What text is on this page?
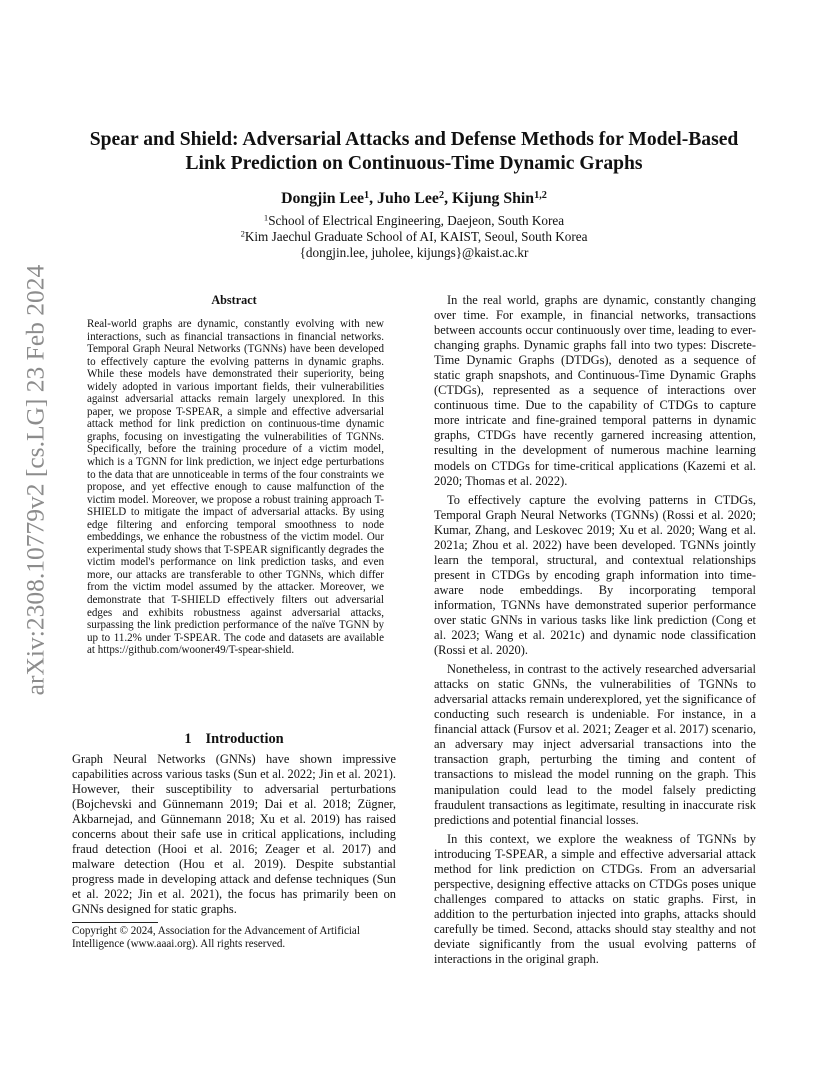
arXiv:2308.10779v2 [cs.LG] 23 Feb 2024
Spear and Shield: Adversarial Attacks and Defense Methods for Model-Based
Link Prediction on Continuous-Time Dynamic Graphs
Dongjin Lee$^1$, Juho Lee$^2$, Kijung Shin$^{1,2}$
$^1$School of Electrical Engineering, Daejeon, South Korea
$^2$Kim Jaechul Graduate School of AI, KAIST, Seoul, South Korea
{dongjin.lee, juholee, kijungs}@kaist.ac.kr
Abstract

Real-world graphs are dynamic, constantly evolving with new interactions, such as financial transactions in financial networks. Temporal Graph Neural Networks (TGNNs) have been developed to effectively capture the evolving patterns in dynamic graphs. While these models have demonstrated their superiority, being widely adopted in various important fields, their vulnerabilities against adversarial attacks remain largely unexplored. In this paper, we propose T-SPEAR, a simple and effective adversarial attack method for link prediction on continuous-time dynamic graphs, focusing on investigating the vulnerabilities of TGNNs. Specifically, before the training procedure of a victim model, which is a TGNN for link prediction, we inject edge perturbations to the data that are unnoticeable in terms of the four constraints we propose, and yet effective enough to cause malfunction of the victim model. Moreover, we propose a robust training approach T-SHIELD to mitigate the impact of adversarial attacks. By using edge filtering and enforcing temporal smoothness to node embeddings, we enhance the robustness of the victim model. Our experimental study shows that T-SPEAR significantly degrades the victim model's performance on link prediction tasks, and even more, our attacks are transferable to other TGNNs, which differ from the victim model assumed by the attacker. Moreover, we demonstrate that T-SHIELD effectively filters out adversarial edges and exhibits robustness against adversarial attacks, surpassing the link prediction performance of the naïve TGNN by up to 11.2% under T-SPEAR. The code and datasets are available at https://github.com/wooner49/T-spear-shield.

1 Introduction

Graph Neural Networks (GNNs) have shown impressive capabilities across various tasks (Sun et al. 2022; Jin et al. 2021). However, their susceptibility to adversarial perturbations (Bojchevski and Günnemann 2019; Dai et al. 2018; Zügner, Akbarnejad, and Günnemann 2018; Xu et al. 2019) has raised concerns about their safe use in critical applications, including fraud detection (Hooi et al. 2016; Zeager et al. 2017) and malware detection (Hou et al. 2019). Despite substantial progress made in developing attack and defense techniques (Sun et al. 2022; Jin et al. 2021), the focus has primarily been on GNNs designed for static graphs.

Copyright © 2024, Association for the Advancement of Artificial Intelligence (www.aaai.org). All rights reserved.

In the real world, graphs are dynamic, constantly changing over time. For example, in financial networks, transactions between accounts occur continuously over time, leading to ever-changing graphs. Dynamic graphs fall into two types: Discrete-Time Dynamic Graphs (DTDGs), denoted as a sequence of static graph snapshots, and Continuous-Time Dynamic Graphs (CTDGs), represented as a sequence of interactions over continuous time. Due to the capability of CTDGs to capture more intricate and fine-grained temporal patterns in dynamic graphs, CTDGs have recently garnered increasing attention, resulting in the development of numerous machine learning models on CTDGs for time-critical applications (Kazemi et al. 2020; Thomas et al. 2022).

To effectively capture the evolving patterns in CTDGs, Temporal Graph Neural Networks (TGNNs) (Rossi et al. 2020; Kumar, Zhang, and Leskovec 2019; Xu et al. 2020; Wang et al. 2021a; Zhou et al. 2022) have been developed. TGNNs jointly learn the temporal, structural, and contextual relationships present in CTDGs by encoding graph information into time-aware node embeddings. By incorporating temporal information, TGNNs have demonstrated superior performance over static GNNs in various tasks like link prediction (Cong et al. 2023; Wang et al. 2021c) and dynamic node classification (Rossi et al. 2020).

Nonetheless, in contrast to the actively researched adversarial attacks on static GNNs, the vulnerabilities of TGNNs to adversarial attacks remain underexplored, yet the significance of conducting such research is undeniable. For instance, in a financial attack (Fursov et al. 2021; Zeager et al. 2017) scenario, an adversary may inject adversarial transactions into the transaction graph, perturbing the timing and content of transactions to mislead the model running on the graph. This manipulation could lead to the model falsely predicting fraudulent transactions as legitimate, resulting in inaccurate risk predictions and potential financial losses.

In this context, we explore the weakness of TGNNs by introducing T-SPEAR, a simple and effective adversarial attack method for link prediction on CTDGs. From an adversarial perspective, designing effective attacks on CTDGs poses unique challenges compared to attacks on static graphs. First, in addition to the perturbation injected into graphs, attacks should carefully be timed. Second, attacks should stay stealthy and not deviate significantly from the usual evolving patterns of interactions in the original graph.
